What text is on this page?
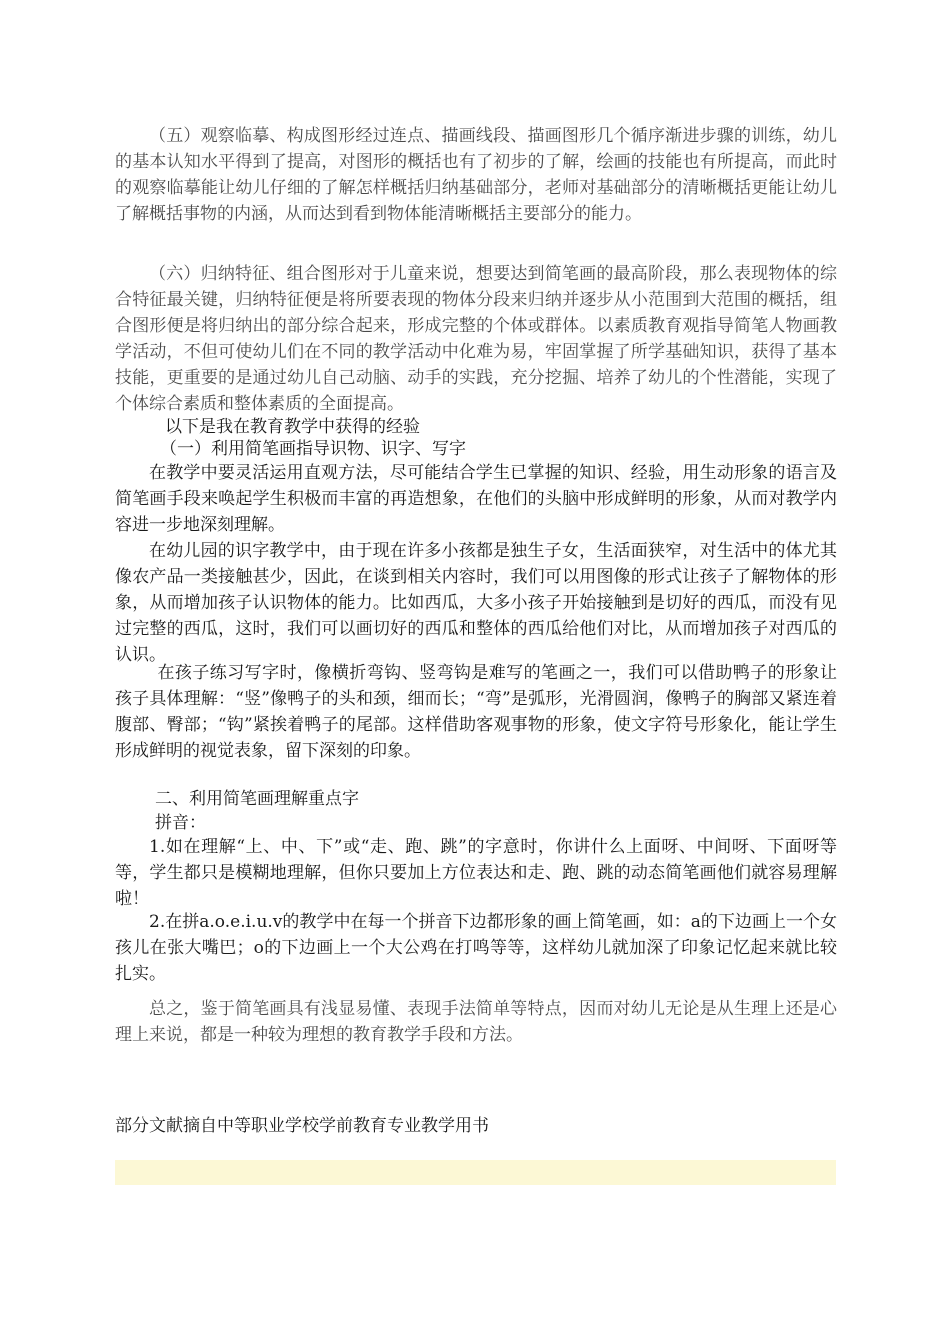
（五）观察临摹、构成图形经过连点、描画线段、描画图形几个循序渐进步骤的训练，幼儿的基本认知水平得到了提高，对图形的概括也有了初步的了解，绘画的技能也有所提高，而此时的观察临摹能让幼儿仔细的了解怎样概括归纳基础部分，老师对基础部分的清晰概括更能让幼儿了解概括事物的内涵，从而达到看到物体能清晰概括主要部分的能力。

（六）归纳特征、组合图形对于儿童来说，想要达到简笔画的最高阶段，那么表现物体的综合特征最关键，归纳特征便是将所要表现的物体分段来归纳并逐步从小范围到大范围的概括，组合图形便是将归纳出的部分综合起来，形成完整的个体或群体。以素质教育观指导简笔人物画教学活动，不但可使幼儿们在不同的教学活动中化难为易，牢固掌握了所学基础知识，获得了基本技能，更重要的是通过幼儿自己动脑、动手的实践，充分挖掘、培养了幼儿的个性潜能，实现了个体综合素质和整体素质的全面提高。

以下是我在教育教学中获得的经验

（一）利用简笔画指导识物、识字、写字

在教学中要灵活运用直观方法，尽可能结合学生已掌握的知识、经验，用生动形象的语言及简笔画手段来唤起学生积极而丰富的再造想象，在他们的头脑中形成鲜明的形象，从而对教学内容进一步地深刻理解。

在幼儿园的识字教学中，由于现在许多小孩都是独生子女，生活面狭窄，对生活中的体尤其像农产品一类接触甚少，因此，在谈到相关内容时，我们可以用图像的形式让孩子了解物体的形象，从而增加孩子认识物体的能力。比如西瓜，大多小孩子开始接触到是切好的西瓜，而没有见过完整的西瓜，这时，我们可以画切好的西瓜和整体的西瓜给他们对比，从而增加孩子对西瓜的认识。

在孩子练习写字时，像横折弯钩、竖弯钩是难写的笔画之一，我们可以借助鸭子的形象让孩子具体理解：“竖”像鸭子的头和颈，细而长；“弯”是弧形，光滑圆润，像鸭子的胸部又紧连着腹部、臀部；“钩”紧挨着鸭子的尾部。这样借助客观事物的形象，使文字符号形象化，能让学生形成鲜明的视觉表象，留下深刻的印象。

二、利用简笔画理解重点字

拼音：

1.如在理解“上、中、下”或“走、跑、跳”的字意时，你讲什么上面呀、中间呀、下面呀等等，学生都只是模糊地理解，但你只要加上方位表达和走、跑、跳的动态简笔画他们就容易理解啦！

2.在拼a.o.e.i.u.v的教学中在每一个拼音下边都形象的画上简笔画，如：a的下边画上一个女孩儿在张大嘴巴；o的下边画上一个大公鸡在打鸣等等，这样幼儿就加深了印象记忆起来就比较扎实。

总之，鉴于简笔画具有浅显易懂、表现手法简单等特点，因而对幼儿无论是从生理上还是心理上来说，都是一种较为理想的教育教学手段和方法。

部分文献摘自中等职业学校学前教育专业教学用书
